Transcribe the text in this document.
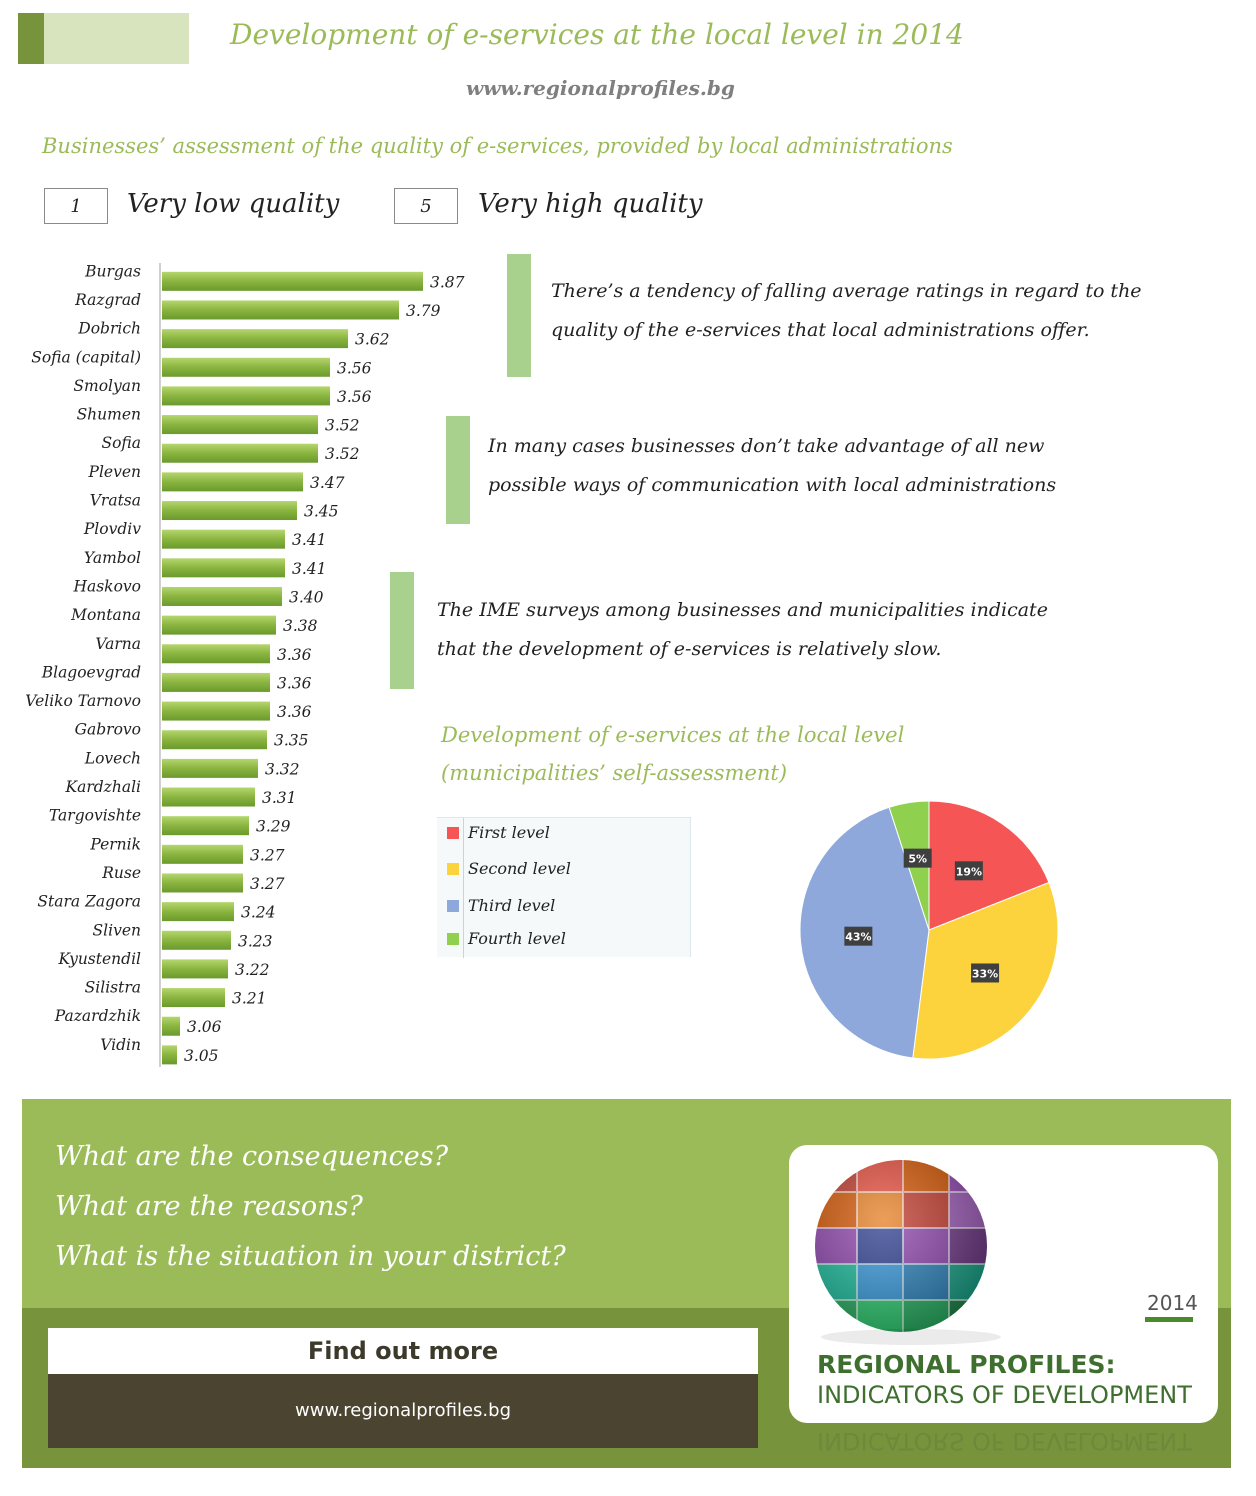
Development of e-services at the local level in 2014
www.regionalprofiles.bg
Businesses’ assessment of the quality of e-services, provided by local administrations
1	Very low quality	5	Very high quality
Burgas
3.87
Razgrad
3.79
Dobrich
3.62
Sofia (capital)
3.56
Smolyan
3.56
Shumen
3.52
Sofia
3.52
Pleven
3.47
Vratsa
3.45
Plovdiv
3.41
Yambol
3.41
Haskovo
3.40
Montana
3.38
Varna
3.36
Blagoevgrad
3.36
Veliko Tarnovo
3.36
Gabrovo
3.35
Lovech
3.32
Kardzhali
3.31
Targovishte
3.29
Pernik
3.27
Ruse
3.27
Stara Zagora
3.24
Sliven
3.23
Kyustendil
3.22
Silistra
3.21
Pazardzhik
3.06
Vidin
3.05
There’s a tendency of falling average ratings in regard to the
quality of the e-services that local administrations offer.
In many cases businesses don’t take advantage of all new
possible ways of communication with local administrations
The IME surveys among businesses and municipalities indicate
that the development of e-services is relatively slow.
Development of e-services at the local level
(municipalities’ self-assessment)
First level
Second level
Third level
Fourth level
19%
33%
43%
5%
What are the consequences?
What are the reasons?
What is the situation in your district?
Find out more
www.regionalprofiles.bg
2014
REGIONAL PROFILES:
INDICATORS OF DEVELOPMENT
INDICATORS OF DEVELOPMENT
